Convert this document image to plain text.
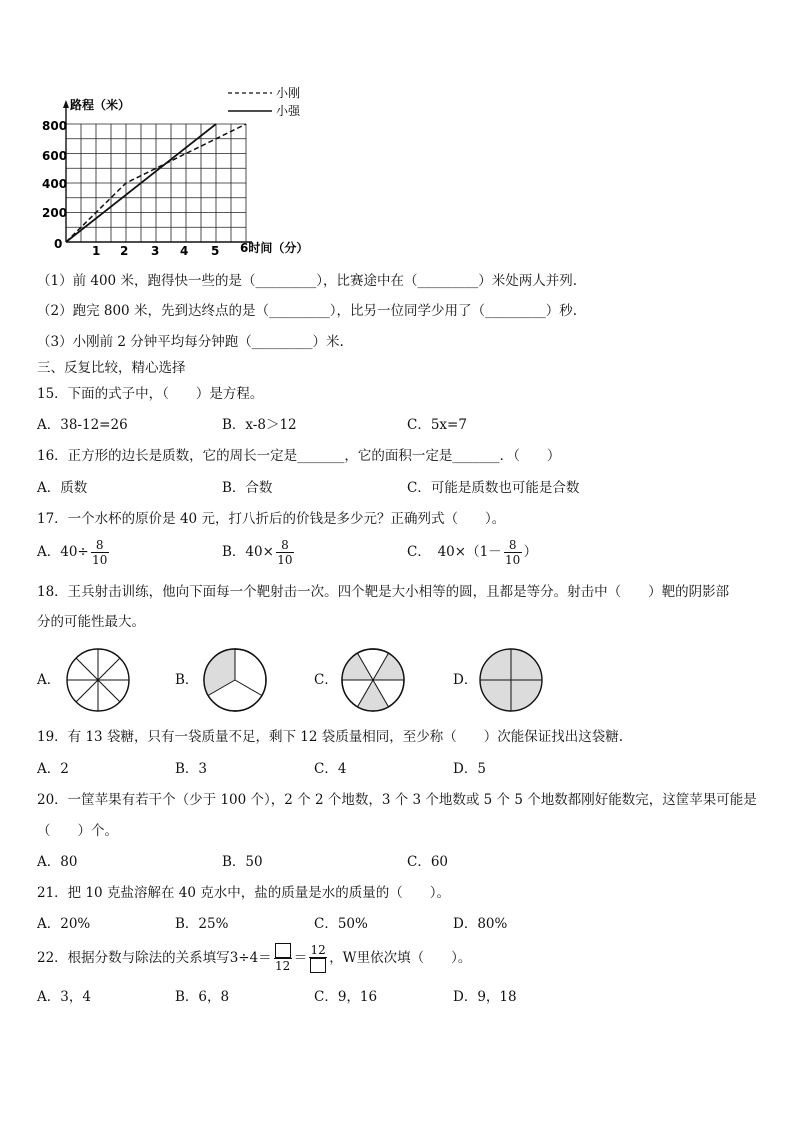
路程（米）
800
600
400
200
0 1 2 3 4 5 6时间（分）
小刚
小强
（1）前 400 米，跑得快一些的是（_________），比赛途中在（_________）米处两人并列.
（2）跑完 800 米，先到达终点的是（_________），比另一位同学少用了（_________）秒.
（3）小刚前 2 分钟平均每分钟跑（_________）米.
三、反复比较，精心选择
15．下面的式子中，（　　）是方程。
A．38-12=26	B．x-8＞12	C．5x=7
16．正方形的边长是质数，它的周长一定是_______，它的面积一定是_______．（　　）
A．质数	B．合数	C．可能是质数也可能是合数
17．一个水杯的原价是 40 元，打八折后的价钱是多少元？正确列式（　　）。
A．$40\div \frac{8}{10}$	B．$40\times \frac{8}{10}$	C．　$40\times(1- \frac{8}{10}$ ）
18．王兵射击训练，他向下面每一个靶射击一次。四个靶是大小相等的圆，且都是等分。射击中（　　）靶的阴影部
分的可能性最大。
A．	B．	C．	D．
19．有 13 袋糖，只有一袋质量不足，剩下 12 袋质量相同，至少称（　　）次能保证找出这袋糖.
A．2	B．3	C．4	D．5
20．一筐苹果有若干个（少于 100 个），2 个 2 个地数，3 个 3 个地数或 5 个 5 个地数都刚好能数完，这筐苹果可能是
（　　）个。
A．80	B．50	C．60
21．把 10 克盐溶解在 40 克水中，盐的质量是水的质量的（　　）。
A．20%	B．25%	C．50%	D．80%
22．根据分数与除法的关系填写 3÷4＝ 12 ＝ 12 ，W里依次填（　　）。
A．3，4	B．6，8	C．9，16	D．9，18
